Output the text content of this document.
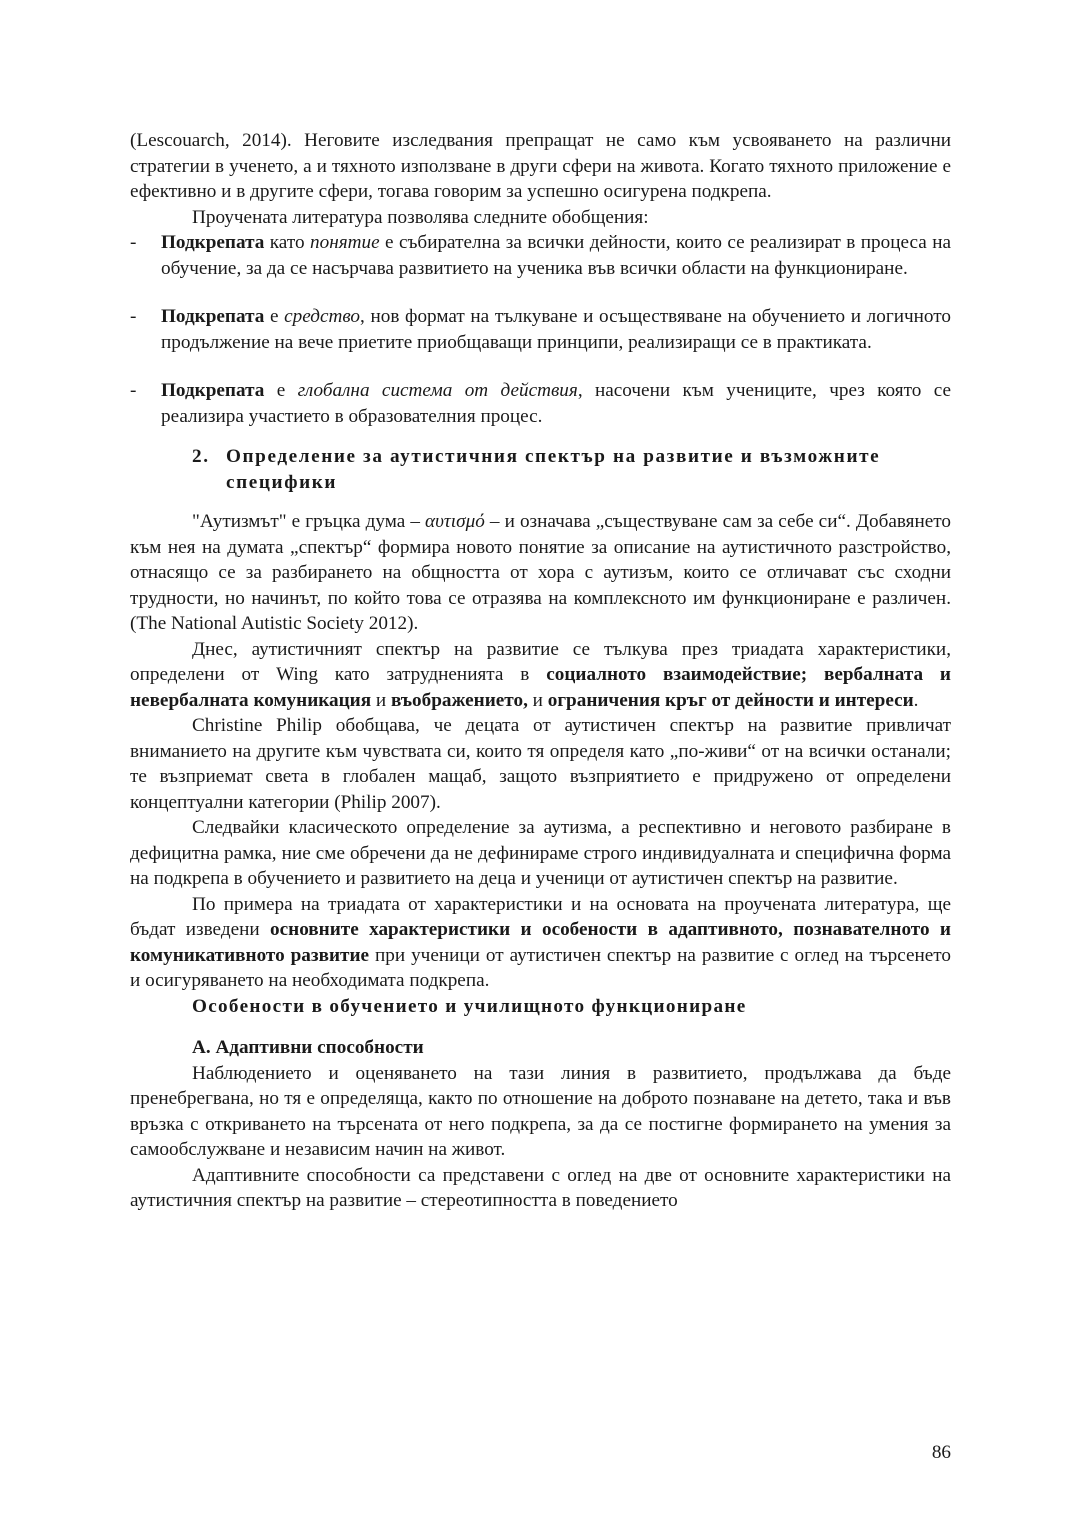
(Lescouarch, 2014). Неговите изследвания препращат не само към усвояването на различни стратегии в ученето, а и тяхното използване в други сфери на живота. Когато тяхното приложение е ефективно и в другите сфери, тогава говорим за успешно осигурена подкрепа.

Проучената литература позволява следните обобщения:

- Подкрепата като понятие е събирателна за всички дейности, които се реализират в процеса на обучение, за да се насърчава развитието на ученика във всички области на функциониране.
- Подкрепата е средство, нов формат на тълкуване и осъществяване на обучението и логичното продължение на вече приетите приобщаващи принципи, реализиращи се в практиката.
- Подкрепата е глобална система от действия, насочени към учениците, чрез която се реализира участието в образователния процес.
2. Определение за аутистичния спектър на развитие и възможните специфики

"Аутизмът" е гръцка дума – αυτισμό – и означава „съществуване сам за себе си“. Добавянето към нея на думата „спектър“ формира новото понятие за описание на аутистичното разстройство, отнасящо се за разбирането на общността от хора с аутизъм, които се отличават със сходни трудности, но начинът, по който това се отразява на комплексното им функциониране е различен. (The National Autistic Society 2012).

Днес, аутистичният спектър на развитие се тълкува през триадата характеристики, определени от Wing като затрудненията в социалното взаимодействие; вербалната и невербалната комуникация и въображението, и ограничения кръг от дейности и интереси.

Christine Philip обобщава, че децата от аутистичен спектър на развитие привличат вниманието на другите към чувствата си, които тя определя като „по-живи“ от на всички останали; те възприемат света в глобален мащаб, защото възприятието е придружено от определени концептуални категории (Philip 2007).

Следвайки класическото определение за аутизма, а респективно и неговото разбиране в дефицитна рамка, ние сме обречени да не дефинираме строго индивидуалната и специфична форма на подкрепа в обучението и развитието на деца и ученици от аутистичен спектър на развитие.

По примера на триадата от характеристики и на основата на проучената литература, ще бъдат изведени основните характеристики и особености в адаптивното, познавателното и комуникативното развитие при ученици от аутистичен спектър на развитие с оглед на търсенето и осигуряването на необходимата подкрепа.

Особености в обучението и училищното функциониране

А. Адаптивни способности

Наблюдението и оценяването на тази линия в развитието, продължава да бъде пренебрегвана, но тя е определяща, както по отношение на доброто познаване на детето, така и във връзка с откриването на търсената от него подкрепа, за да се постигне формирането на умения за самообслужване и независим начин на живот.

Адаптивните способности са представени с оглед на две от основните характеристики на аутистичния спектър на развитие – стереотипността в поведението

86
